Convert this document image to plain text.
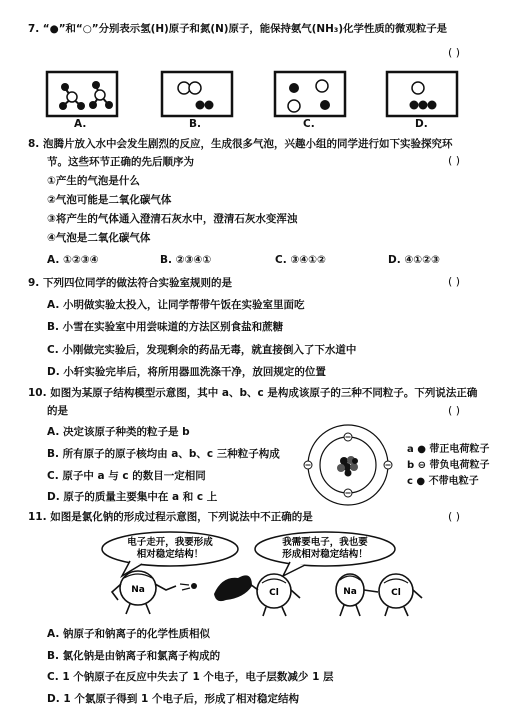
7. “●”和“○”分别表示氢(H)原子和氮(N)原子，能保持氨气(NH₃)化学性质的微观粒子是
( )
A.	B.	C.	D.
8. 泡腾片放入水中会发生剧烈的反应，生成很多气泡，兴趣小组的同学进行如下实验探究环
节。这些环节正确的先后顺序为	( )
①产生的气泡是什么
②气泡可能是二氧化碳气体
③将产生的气体通入澄清石灰水中，澄清石灰水变浑浊
④气泡是二氧化碳气体
A. ①②③④	B. ②③④①	C. ③④①②	D. ④①②③
9. 下列四位同学的做法符合实验室规则的是	( )
A. 小明做实验太投入，让同学帮带午饭在实验室里面吃
B. 小雪在实验室中用尝味道的方法区别食盐和蔗糖
C. 小刚做完实验后，发现剩余的药品无毒，就直接倒入了下水道中
D. 小轩实验完毕后，将所用器皿洗涤干净，放回规定的位置
10. 如图为某原子结构模型示意图，其中 a、b、c 是构成该原子的三种不同粒子。下列说法正确
的是	( )
A. 决定该原子种类的粒子是 b
B. 所有原子的原子核均由 a、b、c 三种粒子构成
C. 原子中 a 与 c 的数目一定相同
D. 原子的质量主要集中在 a 和 c 上
a ● 带正电荷粒子
b ⊖ 带负电荷粒子
c ● 不带电粒子
11. 如图是氯化钠的形成过程示意图，下列说法中不正确的是	( )
电子走开，我要形成
相对稳定结构！
我需要电子，我也要
形成相对稳定结构！
Na	Cl	Na	Cl
A. 钠原子和钠离子的化学性质相似
B. 氯化钠是由钠离子和氯离子构成的
C. 1 个钠原子在反应中失去了 1 个电子，电子层数减少 1 层
D. 1 个氯原子得到 1 个电子后，形成了相对稳定结构
